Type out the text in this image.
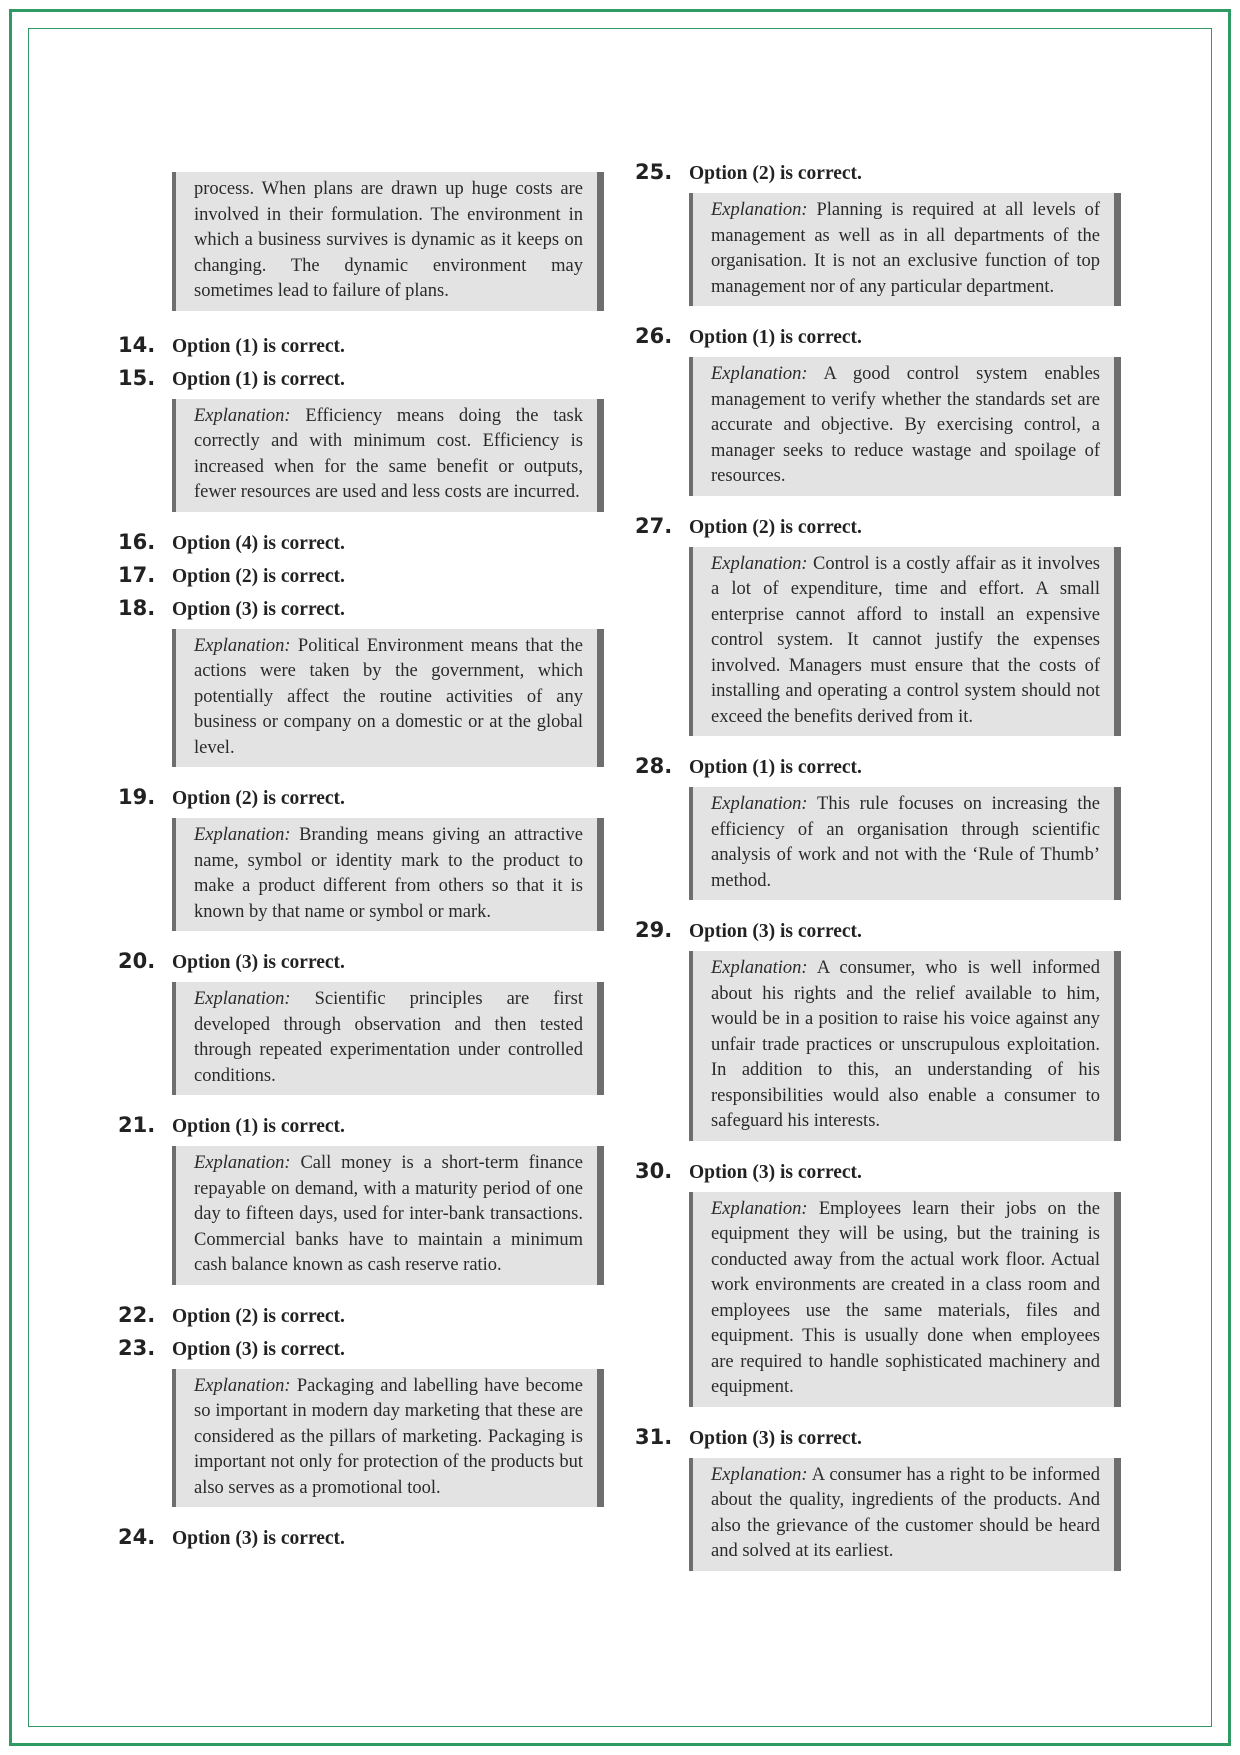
process. When plans are drawn up huge costs are involved in their formulation. The environment in which a business survives is dynamic as it keeps on changing. The dynamic environment may sometimes lead to failure of plans.
14. Option (1) is correct.
15. Option (1) is correct.
Explanation: Efficiency means doing the task correctly and with minimum cost. Efficiency is increased when for the same benefit or outputs, fewer resources are used and less costs are incurred.
16. Option (4) is correct.
17. Option (2) is correct.
18. Option (3) is correct.
Explanation: Political Environment means that the actions were taken by the government, which potentially affect the routine activities of any business or company on a domestic or at the global level.
19. Option (2) is correct.
Explanation: Branding means giving an attractive name, symbol or identity mark to the product to make a product different from others so that it is known by that name or symbol or mark.
20. Option (3) is correct.
Explanation: Scientific principles are first developed through observation and then tested through repeated experimentation under controlled conditions.
21. Option (1) is correct.
Explanation: Call money is a short-term finance repayable on demand, with a maturity period of one day to fifteen days, used for inter-bank transactions. Commercial banks have to maintain a minimum cash balance known as cash reserve ratio.
22. Option (2) is correct.
23. Option (3) is correct.
Explanation: Packaging and labelling have become so important in modern day marketing that these are considered as the pillars of marketing. Packaging is important not only for protection of the products but also serves as a promotional tool.
24. Option (3) is correct.
25. Option (2) is correct.
Explanation: Planning is required at all levels of management as well as in all departments of the organisation. It is not an exclusive function of top management nor of any particular department.
26. Option (1) is correct.
Explanation: A good control system enables management to verify whether the standards set are accurate and objective. By exercising control, a manager seeks to reduce wastage and spoilage of resources.
27. Option (2) is correct.
Explanation: Control is a costly affair as it involves a lot of expenditure, time and effort. A small enterprise cannot afford to install an expensive control system. It cannot justify the expenses involved. Managers must ensure that the costs of installing and operating a control system should not exceed the benefits derived from it.
28. Option (1) is correct.
Explanation: This rule focuses on increasing the efficiency of an organisation through scientific analysis of work and not with the ‘Rule of Thumb’ method.
29. Option (3) is correct.
Explanation: A consumer, who is well informed about his rights and the relief available to him, would be in a position to raise his voice against any unfair trade practices or unscrupulous exploitation. In addition to this, an understanding of his responsibilities would also enable a consumer to safeguard his interests.
30. Option (3) is correct.
Explanation: Employees learn their jobs on the equipment they will be using, but the training is conducted away from the actual work floor. Actual work environments are created in a class room and employees use the same materials, files and equipment. This is usually done when employees are required to handle sophisticated machinery and equipment.
31. Option (3) is correct.
Explanation: A consumer has a right to be informed about the quality, ingredients of the products. And also the grievance of the customer should be heard and solved at its earliest.
